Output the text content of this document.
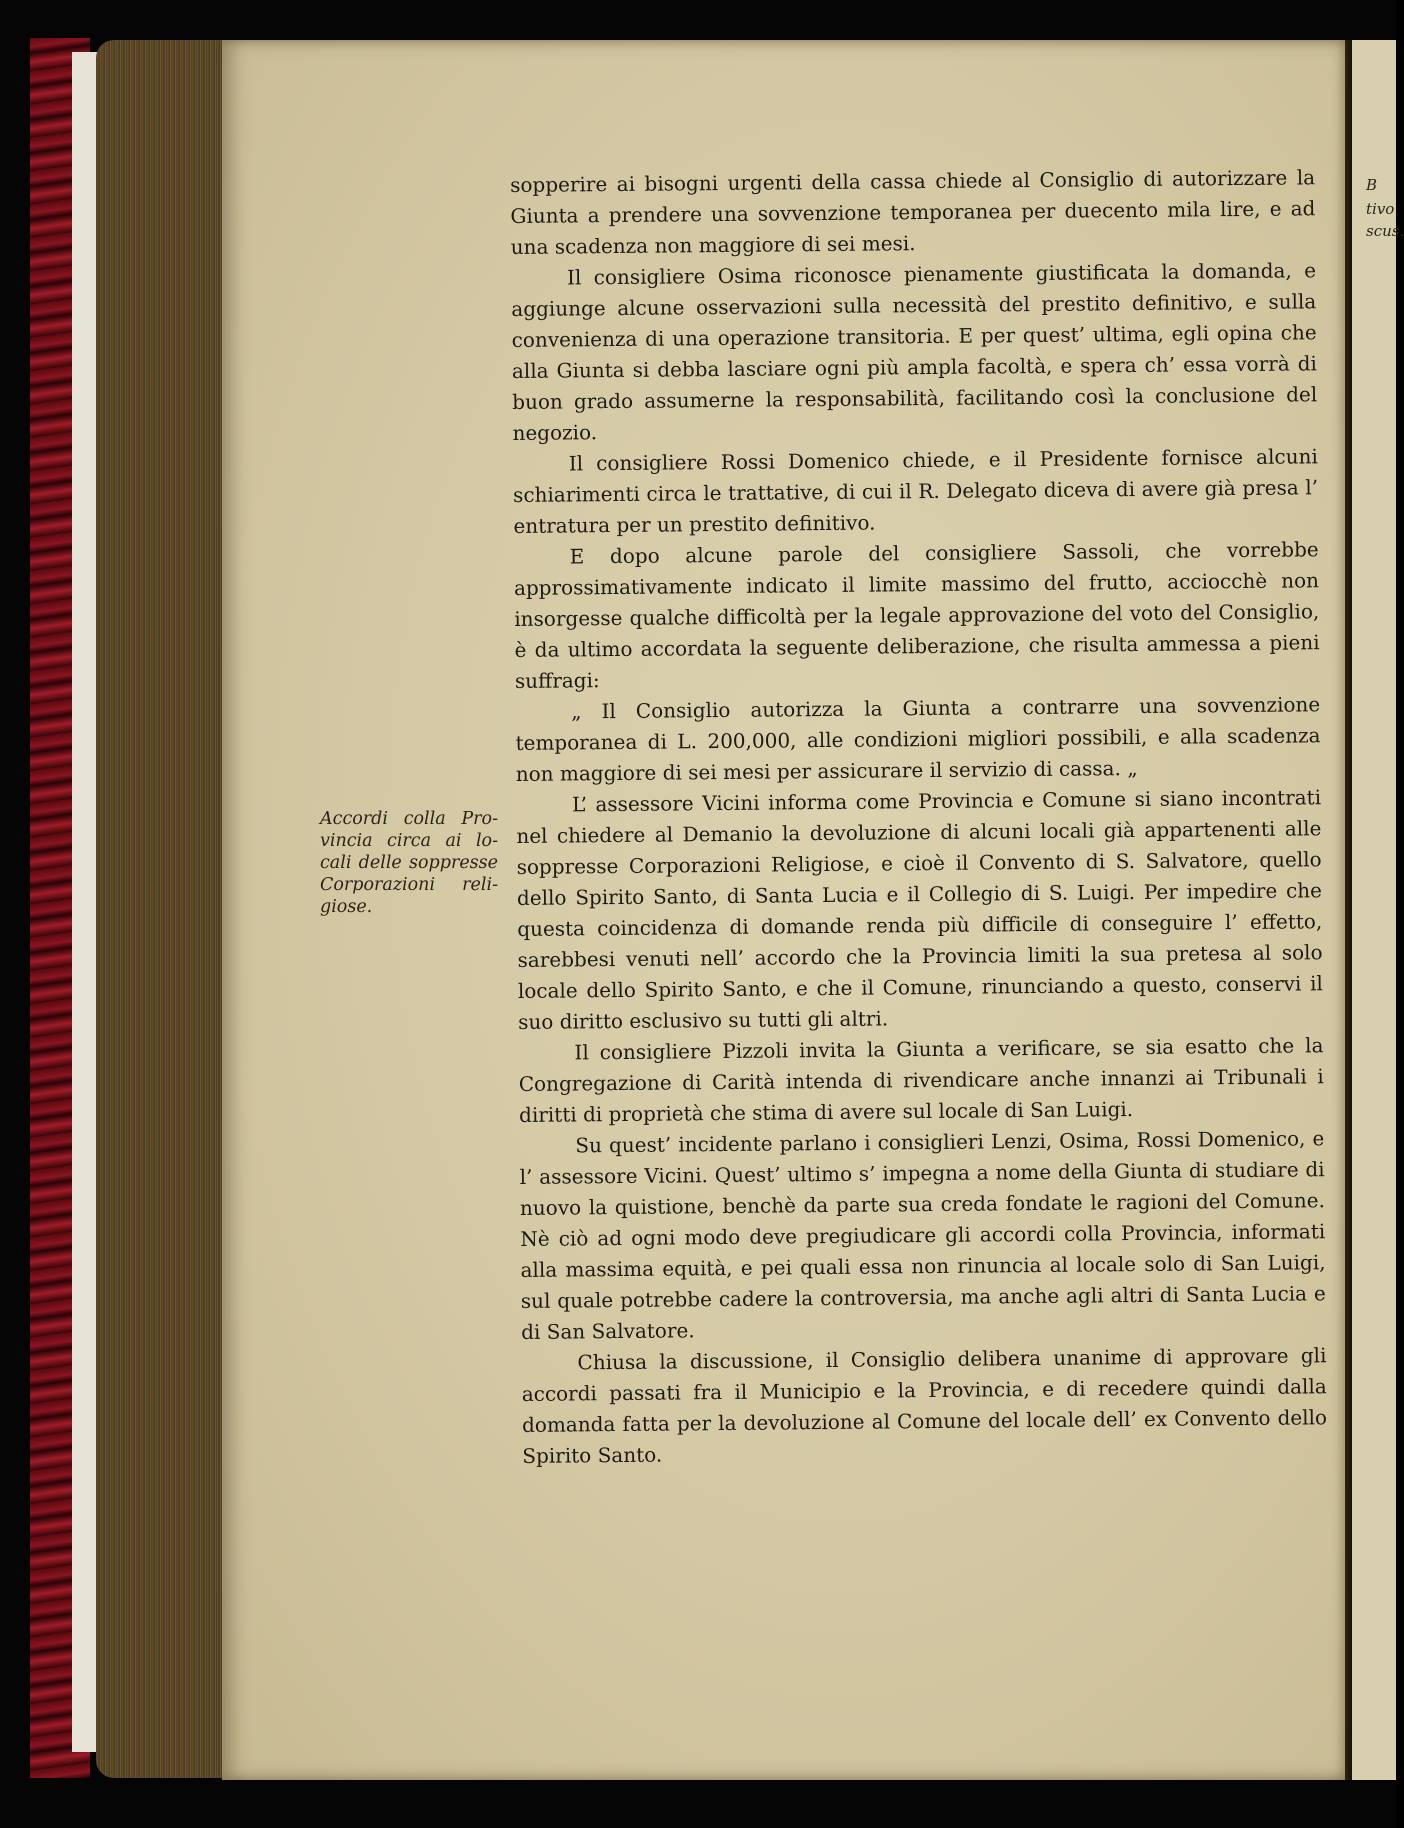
B
tivo
scus.
Accordi colla Pro-
vincia circa ai lo-
cali delle soppresse
Corporazioni reli-
giose.

sopperire ai bisogni urgenti della cassa chiede al Consiglio di autorizzare la Giunta a prendere una sovvenzione temporanea per duecento mila lire, e ad una scadenza non maggiore di sei mesi.

Il consigliere Osima riconosce pienamente giustificata la domanda, e aggiunge alcune osservazioni sulla necessità del prestito definitivo, e sulla convenienza di una operazione transitoria. E per quest’ ultima, egli opina che alla Giunta si debba lasciare ogni più ampla facoltà, e spera ch’ essa vorrà di buon grado assumerne la responsabilità, facilitando così la conclusione del negozio.

Il consigliere Rossi Domenico chiede, e il Presidente fornisce alcuni schiarimenti circa le trattative, di cui il R. Delegato diceva di avere già presa l’ entratura per un prestito definitivo.

E dopo alcune parole del consigliere Sassoli, che vorrebbe approssimativamente indicato il limite massimo del frutto, acciocchè non insorgesse qualche difficoltà per la legale approvazione del voto del Consiglio, è da ultimo accordata la seguente deliberazione, che risulta ammessa a pieni suffragi:

„ Il Consiglio autorizza la Giunta a contrarre una sovvenzione temporanea di L. 200,000, alle condizioni migliori possibili, e alla scadenza non maggiore di sei mesi per assicurare il servizio di cassa. „

L’ assessore Vicini informa come Provincia e Comune si siano incontrati nel chiedere al Demanio la devoluzione di alcuni locali già appartenenti alle soppresse Corporazioni Religiose, e cioè il Convento di S. Salvatore, quello dello Spirito Santo, di Santa Lucia e il Collegio di S. Luigi. Per impedire che questa coincidenza di domande renda più difficile di conseguire l’ effetto, sarebbesi venuti nell’ accordo che la Provincia limiti la sua pretesa al solo locale dello Spirito Santo, e che il Comune, rinunciando a questo, conservi il suo diritto esclusivo su tutti gli altri.

Il consigliere Pizzoli invita la Giunta a verificare, se sia esatto che la Congregazione di Carità intenda di rivendicare anche innanzi ai Tribunali i diritti di proprietà che stima di avere sul locale di San Luigi.

Su quest’ incidente parlano i consiglieri Lenzi, Osima, Rossi Domenico, e l’ assessore Vicini. Quest’ ultimo s’ impegna a nome della Giunta di studiare di nuovo la quistione, benchè da parte sua creda fondate le ragioni del Comune. Nè ciò ad ogni modo deve pregiudicare gli accordi colla Provincia, informati alla massima equità, e pei quali essa non rinuncia al locale solo di San Luigi, sul quale potrebbe cadere la controversia, ma anche agli altri di Santa Lucia e di San Salvatore.

Chiusa la discussione, il Consiglio delibera unanime di approvare gli accordi passati fra il Municipio e la Provincia, e di recedere quindi dalla domanda fatta per la devoluzione al Comune del locale dell’ ex Convento dello Spirito Santo.
